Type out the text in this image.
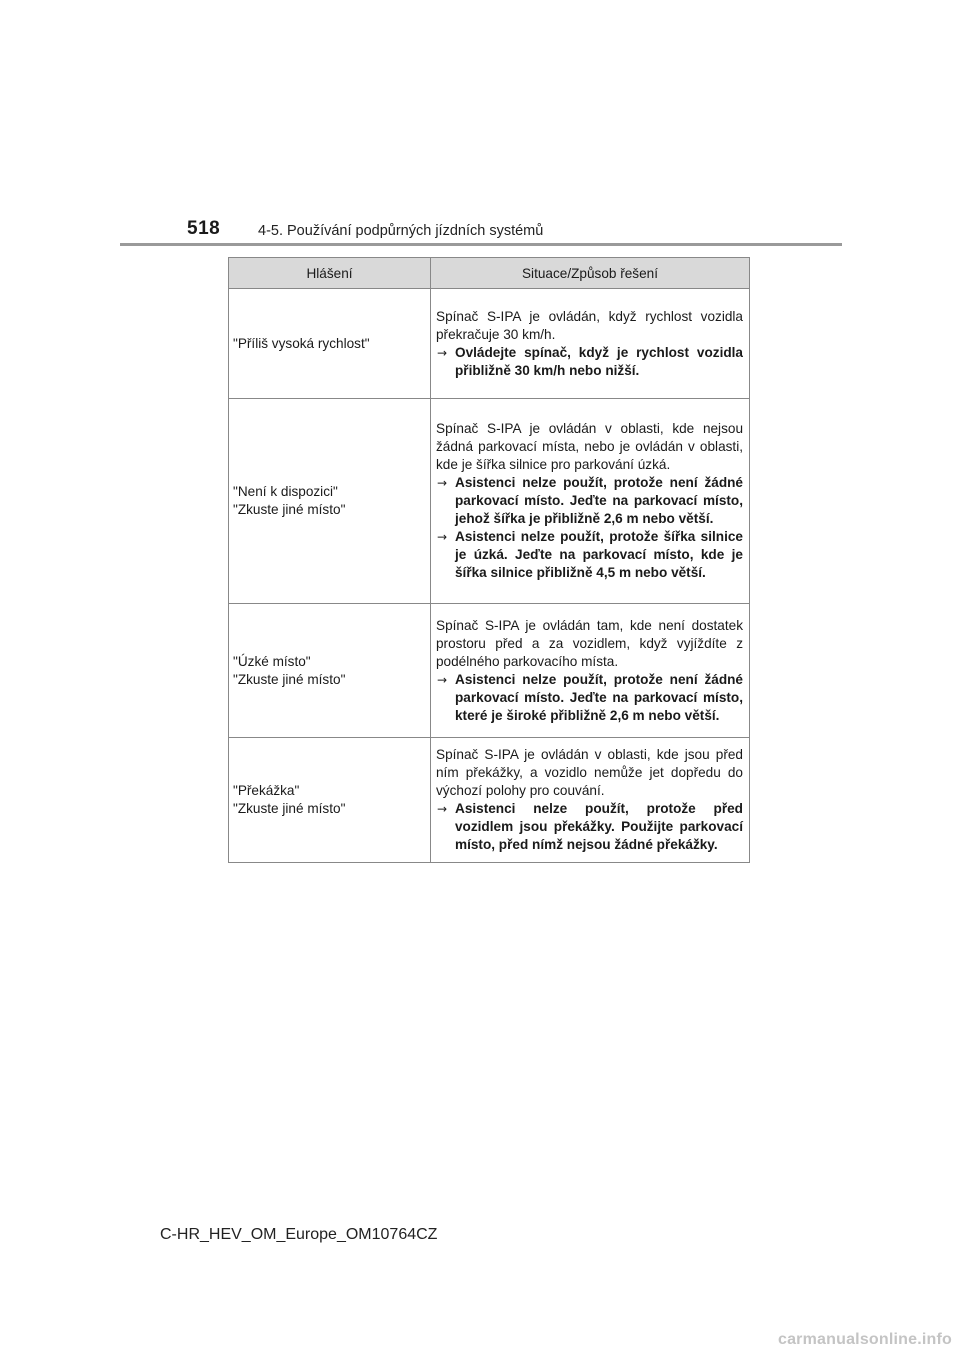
518	4-5. Používání podpůrných jízdních systémů
Hlášení	Situace/Způsob řešení

"Příliš vysoká rychlost"	Spínač S-IPA je ovládán, když rychlost vozidla překračuje 30 km/h.
→ Ovládejte spínač, když je rychlost vozidla přibližně 30 km/h nebo nižší.

"Není k dispozici"
"Zkuste jiné místo"	Spínač S-IPA je ovládán v oblasti, kde nejsou žádná parkovací místa, nebo je ovládán v oblasti, kde je šířka silnice pro parkování úzká.
→ Asistenci nelze použít, protože není žádné parkovací místo. Jeďte na parkovací místo, jehož šířka je přibližně 2,6 m nebo větší.
→ Asistenci nelze použít, protože šířka silnice je úzká. Jeďte na parkovací místo, kde je šířka silnice přibližně 4,5 m nebo větší.

"Úzké místo"
"Zkuste jiné místo"	Spínač S-IPA je ovládán tam, kde není dostatek prostoru před a za vozidlem, když vyjíždíte z podélného parkovacího místa.
→ Asistenci nelze použít, protože není žádné parkovací místo. Jeďte na parkovací místo, které je široké přibližně 2,6 m nebo větší.

"Překážka"
"Zkuste jiné místo"	Spínač S-IPA je ovládán v oblasti, kde jsou před ním překážky, a vozidlo nemůže jet dopředu do výchozí polohy pro couvání.
→ Asistenci nelze použít, protože před vozidlem jsou překážky. Použijte parkovací místo, před nímž nejsou žádné překážky.
C-HR_HEV_OM_Europe_OM10764CZ
carmanualsonline.info
